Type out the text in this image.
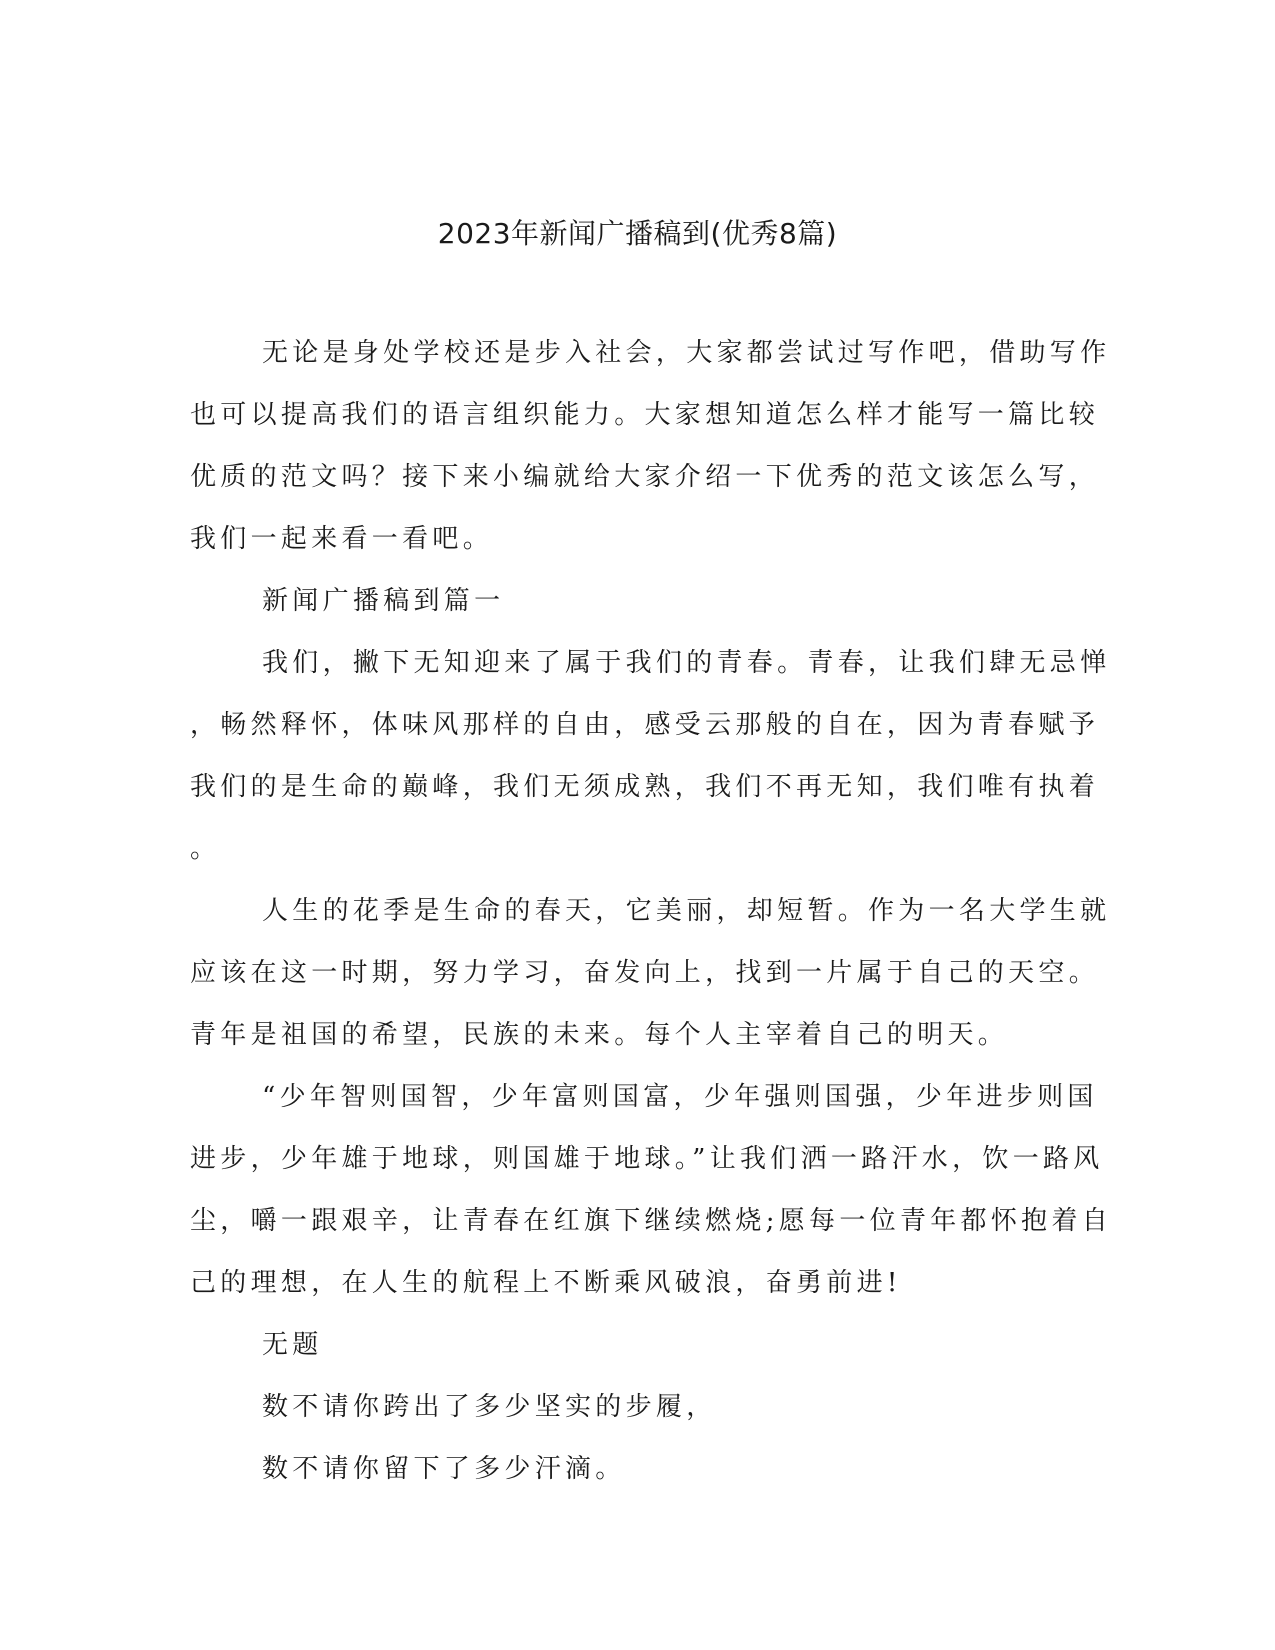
2023年新闻广播稿到(优秀8篇)
无论是身处学校还是步入社会，大家都尝试过写作吧，借助写作
也可以提高我们的语言组织能力。大家想知道怎么样才能写一篇比较
优质的范文吗？接下来小编就给大家介绍一下优秀的范文该怎么写，
我们一起来看一看吧。
新闻广播稿到篇一
我们，撇下无知迎来了属于我们的青春。青春，让我们肆无忌惮
，畅然释怀，体味风那样的自由，感受云那般的自在，因为青春赋予
我们的是生命的巅峰，我们无须成熟，我们不再无知，我们唯有执着
。
人生的花季是生命的春天，它美丽，却短暂。作为一名大学生就
应该在这一时期，努力学习，奋发向上，找到一片属于自己的天空。
青年是祖国的希望，民族的未来。每个人主宰着自己的明天。
“少年智则国智，少年富则国富，少年强则国强，少年进步则国
进步，少年雄于地球，则国雄于地球。”让我们洒一路汗水，饮一路风
尘，嚼一跟艰辛，让青春在红旗下继续燃烧;愿每一位青年都怀抱着自
己的理想，在人生的航程上不断乘风破浪，奋勇前进!
无题
数不请你跨出了多少坚实的步履，
数不请你留下了多少汗滴。
